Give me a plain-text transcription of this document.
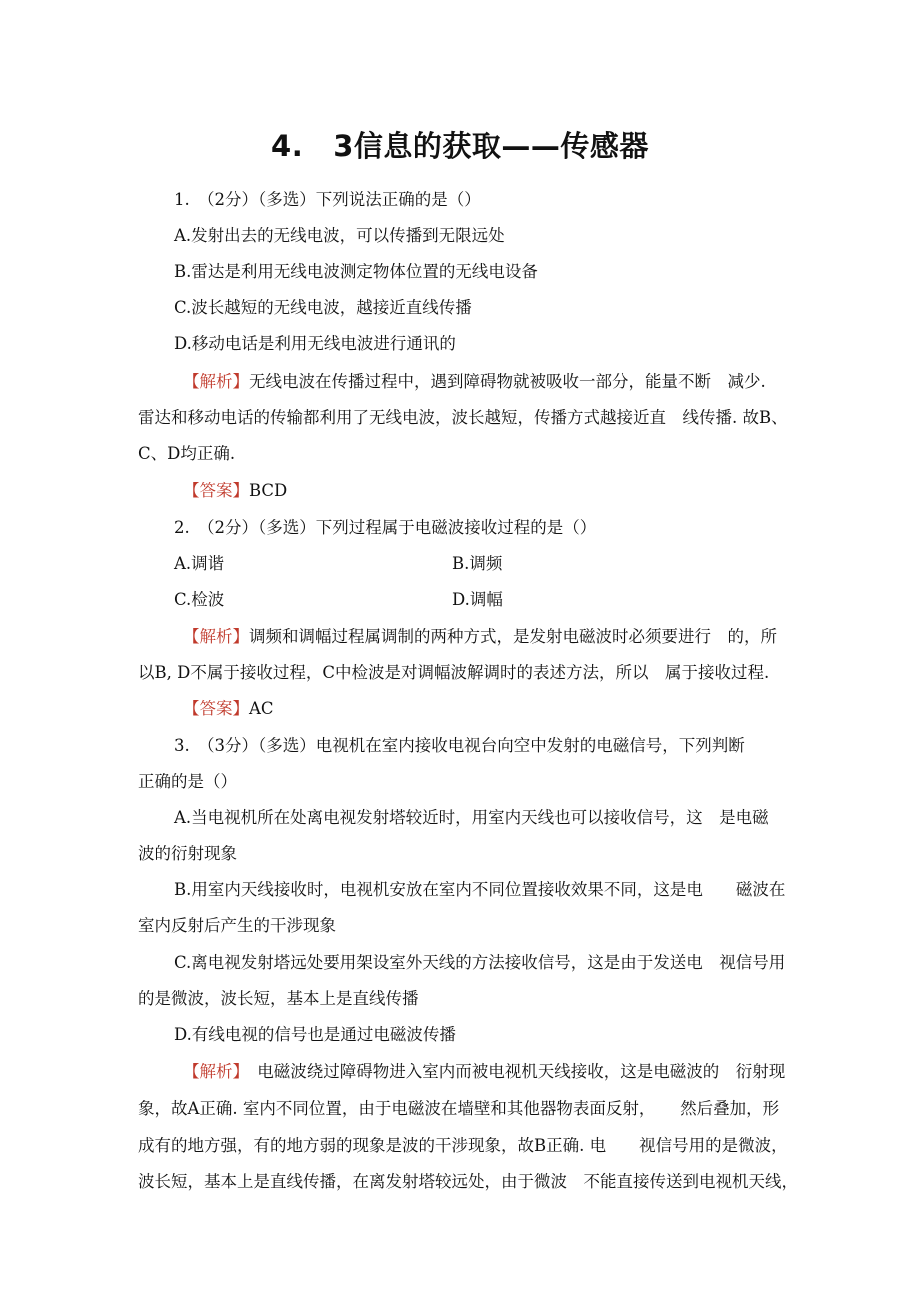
4. 3信息的获取——传感器
1.　（2分）（多选）下列说法正确的是（）
A.发射出去的无线电波，可以传播到无限远处
B.雷达是利用无线电波测定物体位置的无线电设备
C.波长越短的无线电波，越接近直线传播
D.移动电话是利用无线电波进行通讯的
【解析】无线电波在传播过程中，遇到障碍物就被吸收一部分，能量不断　减少.
雷达和移动电话的传输都利用了无线电波，波长越短，传播方式越接近直　线传播. 故B、
C、D均正确.
【答案】BCD
2.　（2分）（多选）下列过程属于电磁波接收过程的是（）
A.调谐	B.调频
C.检波	D.调幅
【解析】调频和调幅过程属调制的两种方式，是发射电磁波时必须要进行　的，所
以B, D不属于接收过程，C中检波是对调幅波解调时的表述方法，所以　属于接收过程.
【答案】AC
3.　（3分）（多选）电视机在室内接收电视台向空中发射的电磁信号，下列判断
正确的是（）
A.当电视机所在处离电视发射塔较近时，用室内天线也可以接收信号，这　是电磁
波的衍射现象
B.用室内天线接收时，电视机安放在室内不同位置接收效果不同，这是电　　磁波在
室内反射后产生的干涉现象
C.离电视发射塔远处要用架设室外天线的方法接收信号，这是由于发送电　视信号用
的是微波，波长短，基本上是直线传播
D.有线电视的信号也是通过电磁波传播
【解析】　电磁波绕过障碍物进入室内而被电视机天线接收，这是电磁波的　衍射现
象，故A正确. 室内不同位置，由于电磁波在墙壁和其他器物表面反射，　　然后叠加，形
成有的地方强，有的地方弱的现象是波的干涉现象，故B正确. 电　　视信号用的是微波，
波长短，基本上是直线传播，在离发射塔较远处，由于微波　不能直接传送到电视机天线，
